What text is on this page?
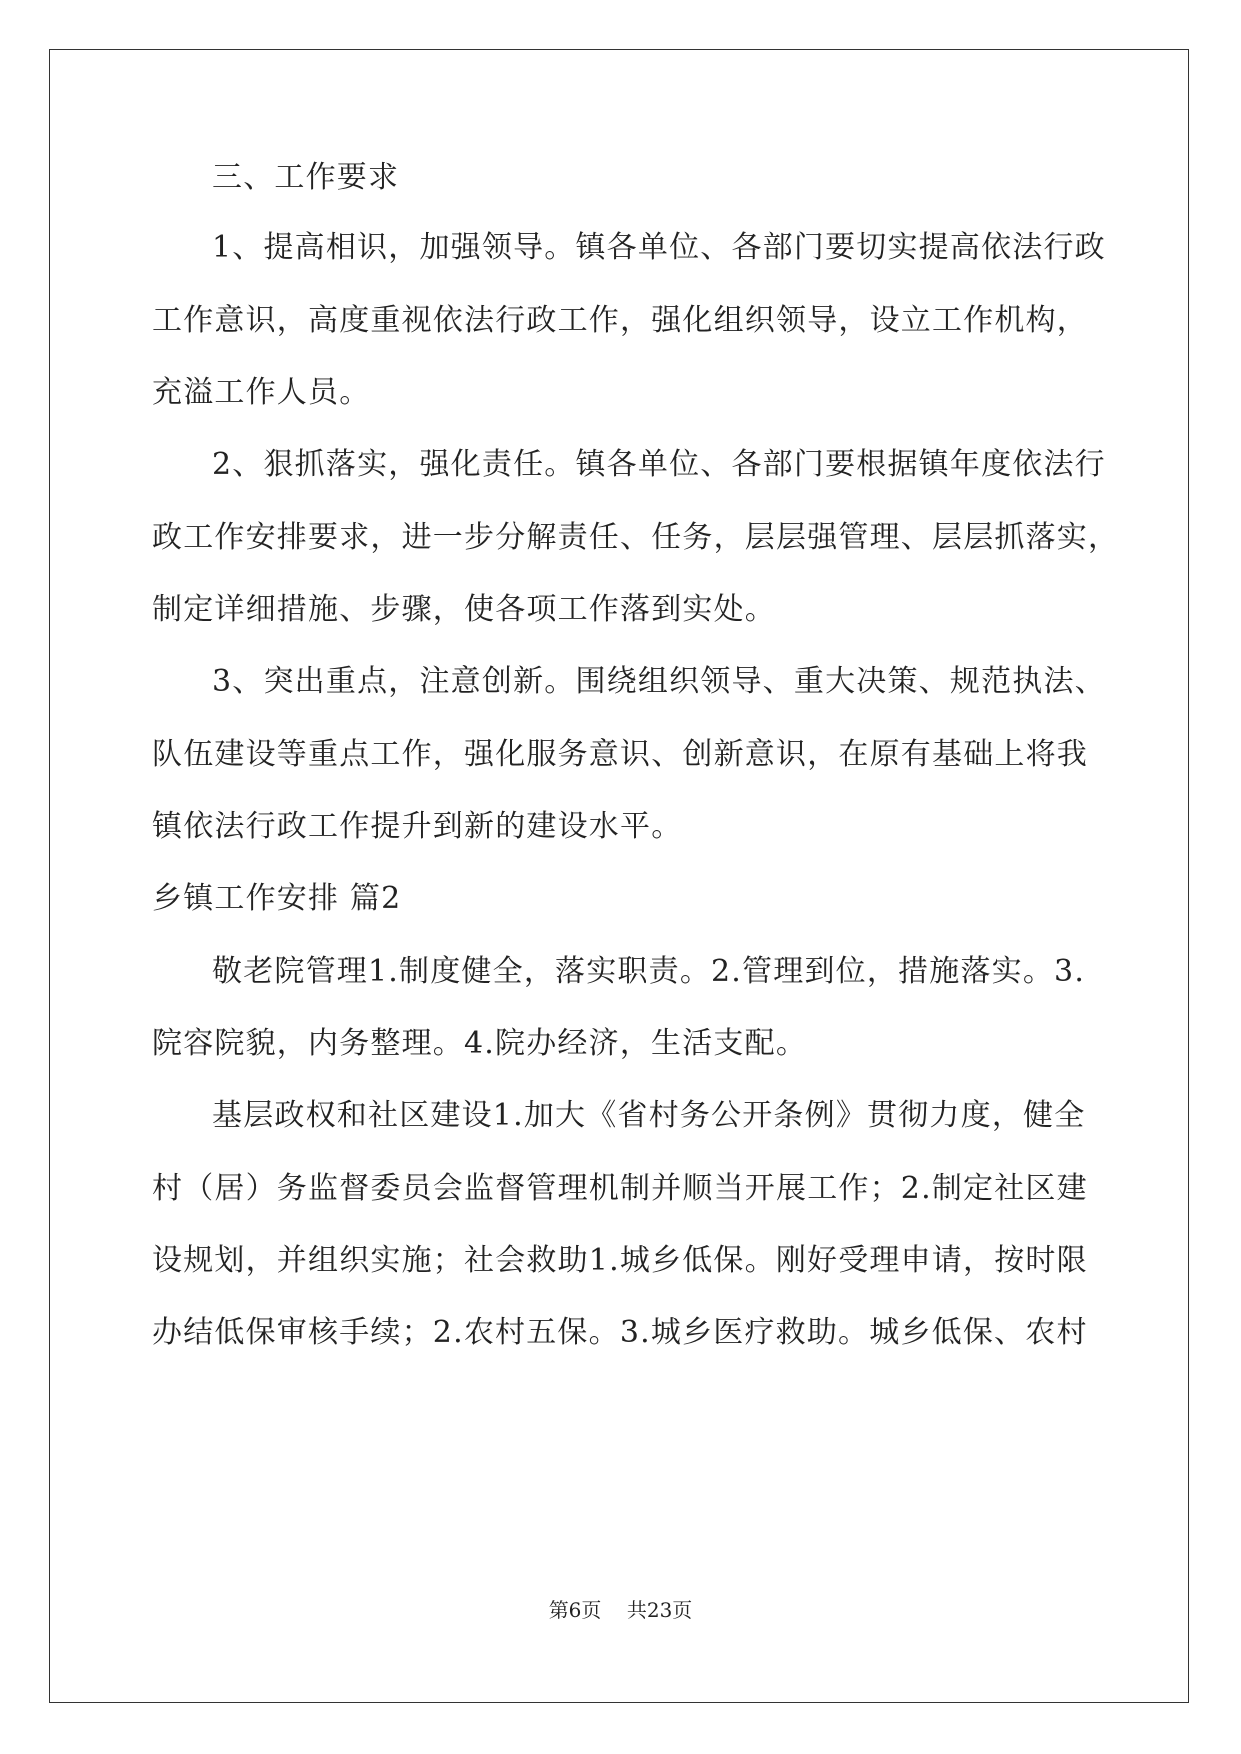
三、工作要求
1、提高相识，加强领导。镇各单位、各部门要切实提高依法行政
工作意识，高度重视依法行政工作，强化组织领导，设立工作机构，
充溢工作人员。
2、狠抓落实，强化责任。镇各单位、各部门要根据镇年度依法行
政工作安排要求，进一步分解责任、任务，层层强管理、层层抓落实，
制定详细措施、步骤，使各项工作落到实处。
3、突出重点，注意创新。围绕组织领导、重大决策、规范执法、
队伍建设等重点工作，强化服务意识、创新意识，在原有基础上将我
镇依法行政工作提升到新的建设水平。
乡镇工作安排 篇2
敬老院管理1.制度健全，落实职责。2.管理到位，措施落实。3.
院容院貌，内务整理。4.院办经济，生活支配。
基层政权和社区建设1.加大《省村务公开条例》贯彻力度，健全
村（居）务监督委员会监督管理机制并顺当开展工作；2.制定社区建
设规划，并组织实施；社会救助1.城乡低保。刚好受理申请，按时限
办结低保审核手续；2.农村五保。3.城乡医疗救助。城乡低保、农村
第6页 共23页
